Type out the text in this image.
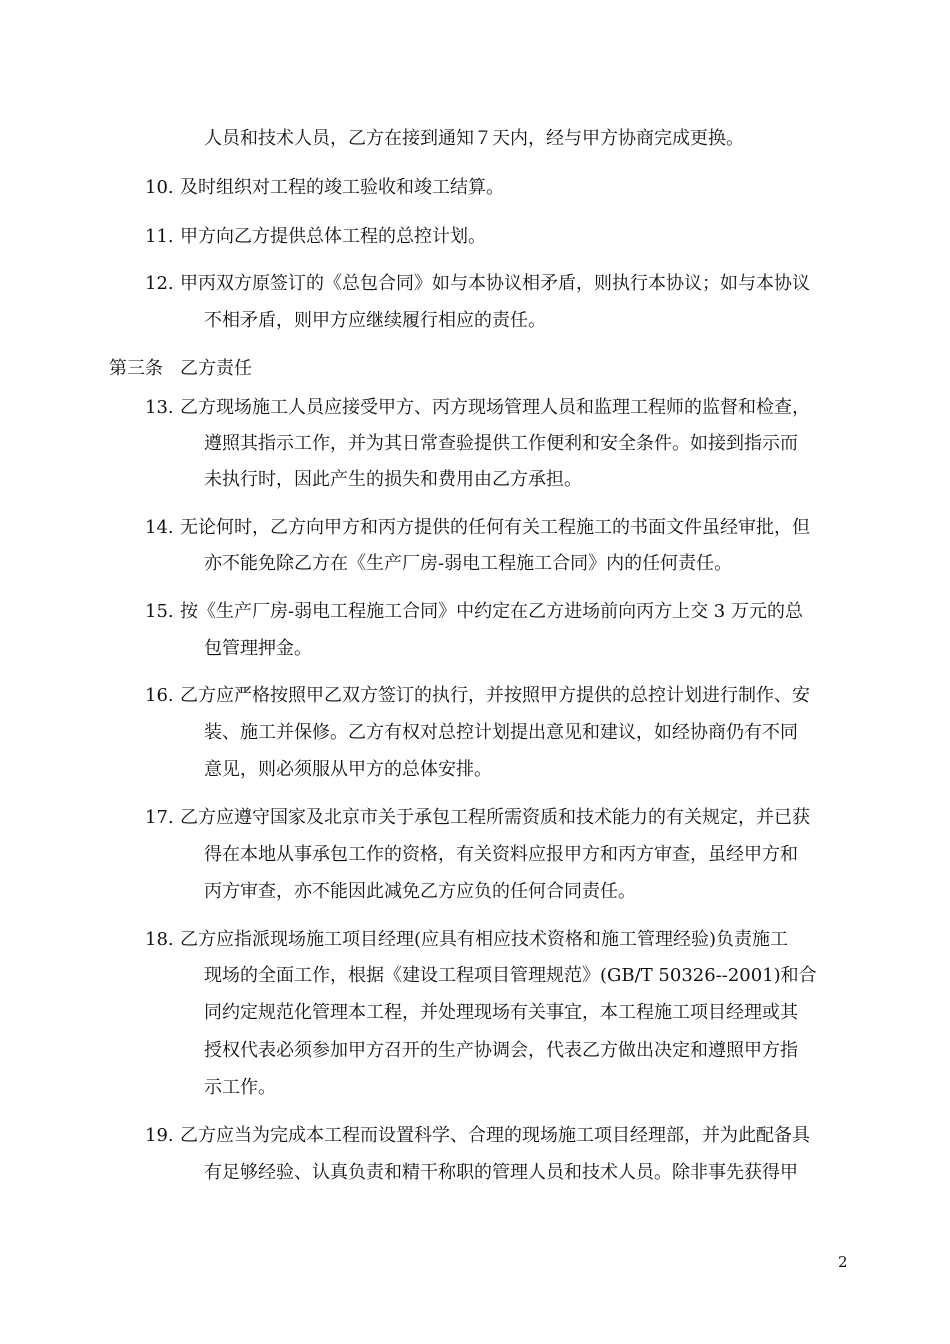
人员和技术人员，乙方在接到通知７天内，经与甲方协商完成更换。
10. 及时组织对工程的竣工验收和竣工结算。
11. 甲方向乙方提供总体工程的总控计划。
12. 甲丙双方原签订的《总包合同》如与本协议相矛盾，则执行本协议；如与本协议
不相矛盾，则甲方应继续履行相应的责任。
第三条 乙方责任
13. 乙方现场施工人员应接受甲方、丙方现场管理人员和监理工程师的监督和检查，
遵照其指示工作，并为其日常查验提供工作便利和安全条件。如接到指示而
未执行时，因此产生的损失和费用由乙方承担。
14. 无论何时，乙方向甲方和丙方提供的任何有关工程施工的书面文件虽经审批，但
亦不能免除乙方在《生产厂房-弱电工程施工合同》内的任何责任。
15. 按《生产厂房-弱电工程施工合同》中约定在乙方进场前向丙方上交 3 万元的总
包管理押金。
16. 乙方应严格按照甲乙双方签订的执行，并按照甲方提供的总控计划进行制作、安
装、施工并保修。乙方有权对总控计划提出意见和建议，如经协商仍有不同
意见，则必须服从甲方的总体安排。
17. 乙方应遵守国家及北京市关于承包工程所需资质和技术能力的有关规定，并已获
得在本地从事承包工作的资格，有关资料应报甲方和丙方审查，虽经甲方和
丙方审查，亦不能因此减免乙方应负的任何合同责任。
18. 乙方应指派现场施工项目经理(应具有相应技术资格和施工管理经验)负责施工
现场的全面工作，根据《建设工程项目管理规范》(GB/T 50326--2001)和合
同约定规范化管理本工程，并处理现场有关事宜，本工程施工项目经理或其
授权代表必须参加甲方召开的生产协调会，代表乙方做出决定和遵照甲方指
示工作。
19. 乙方应当为完成本工程而设置科学、合理的现场施工项目经理部，并为此配备具
有足够经验、认真负责和精干称职的管理人员和技术人员。除非事先获得甲
2
